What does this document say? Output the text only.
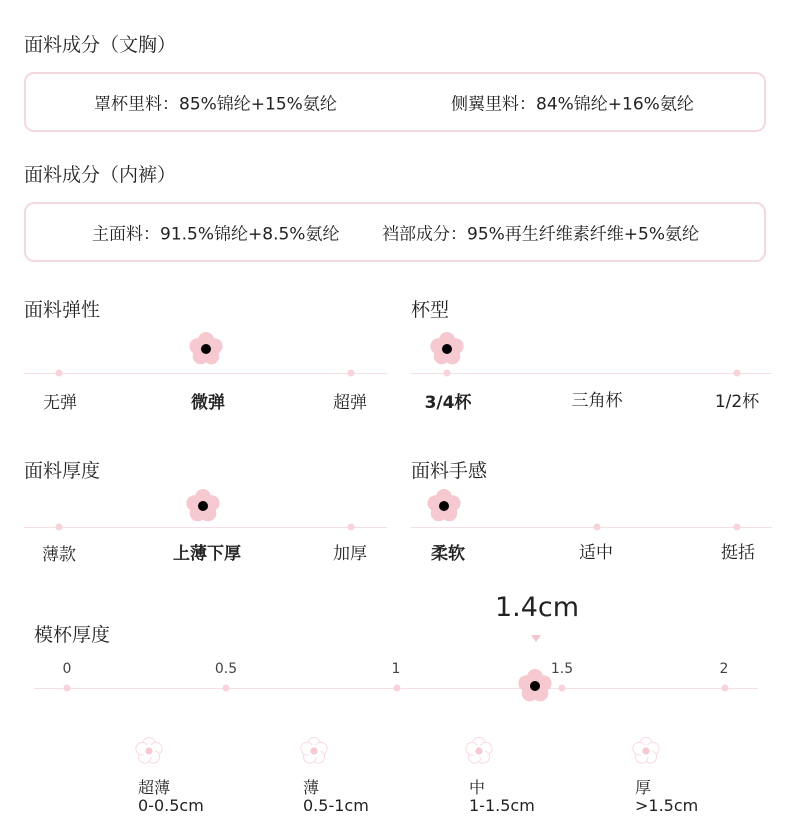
面料成分（文胸）
罩杯里料：85%锦纶+15%氨纶	侧翼里料：84%锦纶+16%氨纶
面料成分（内裤）
主面料：91.5%锦纶+8.5%氨纶	裆部成分：95%再生纤维素纤维+5%氨纶
面料弹性
无弹	微弹	超弹
杯型
3/4杯	三角杯	1/2杯
面料厚度
薄款	上薄下厚	加厚
面料手感
柔软	适中	挺括
模杯厚度
1.4cm
0	0.5	1	1.5	2
超薄
0-0.5cm
薄
0.5-1cm
中
1-1.5cm
厚
>1.5cm
